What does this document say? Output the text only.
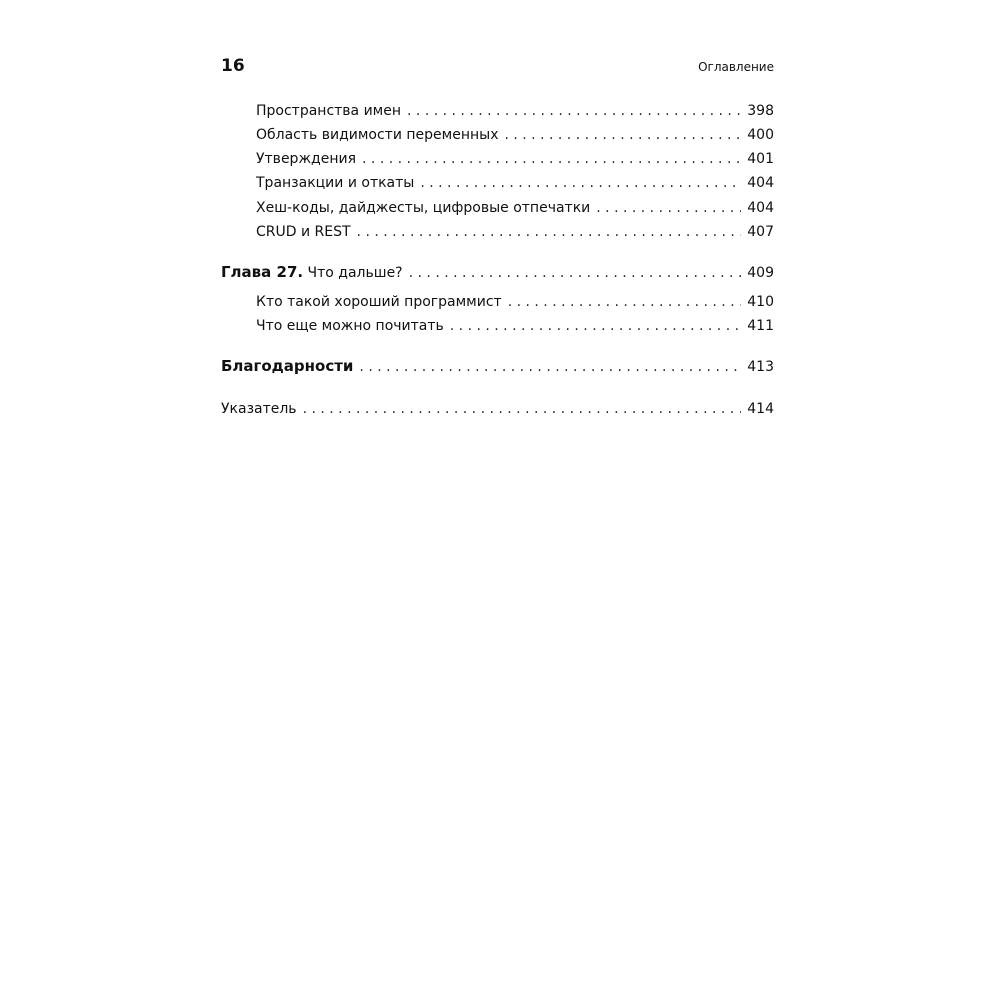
16	Оглавление
Пространства имен . . .	398
Область видимости переменных . . .	400
Утверждения . . .	401
Транзакции и откаты . . .	404
Хеш-коды, дайджесты, цифровые отпечатки . . .	404
CRUD и REST . . .	407
Глава 27. Что дальше? . . .	409
Кто такой хороший программист . . .	410
Что еще можно почитать . . .	411
Благодарности . . .	413
Указатель . . .	414
